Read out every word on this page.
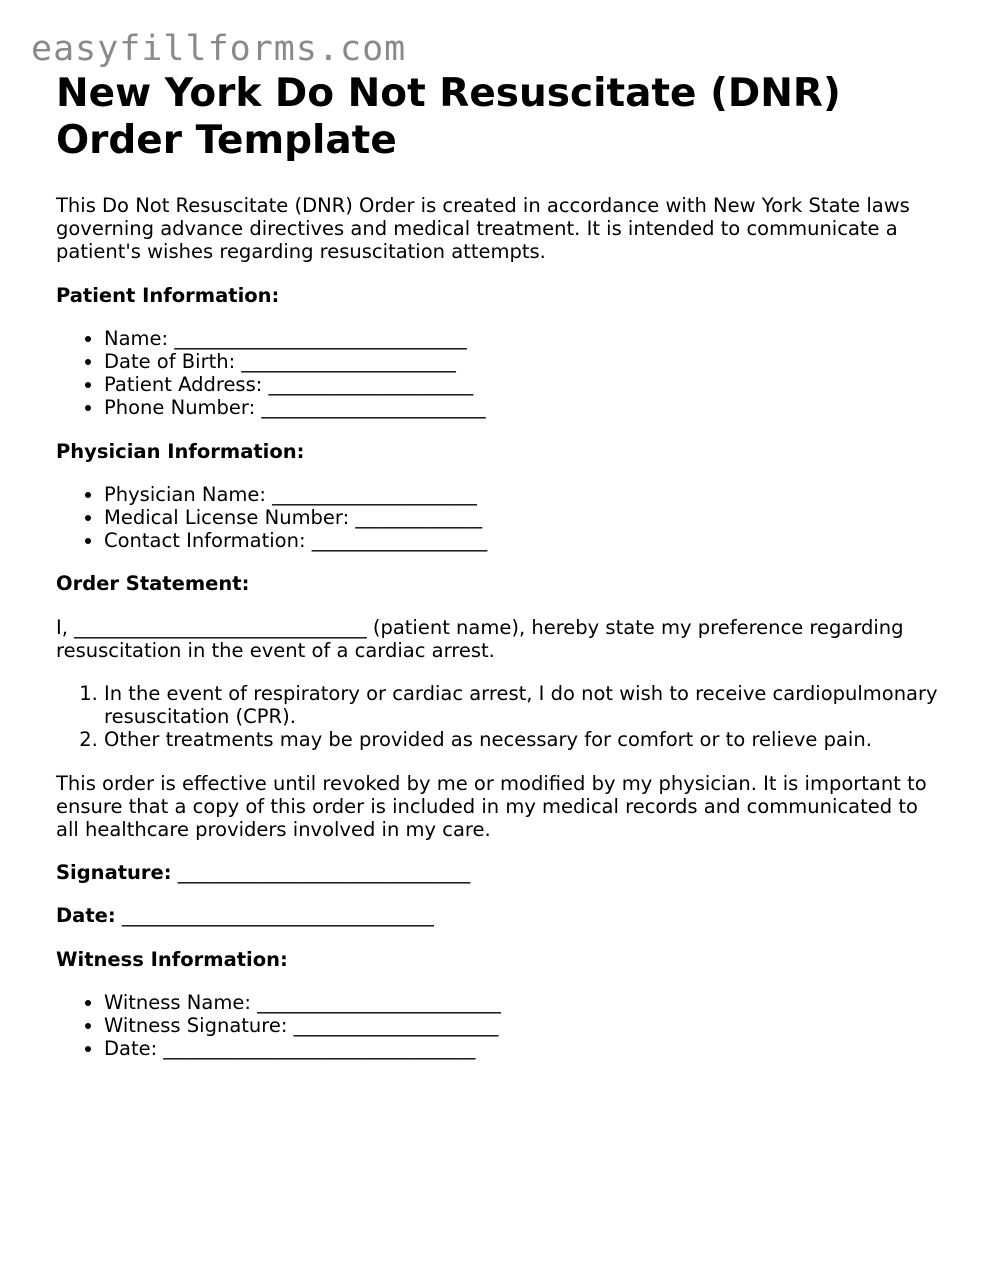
easyfillforms.com
New York Do Not Resuscitate (DNR) Order Template

This Do Not Resuscitate (DNR) Order is created in accordance with New York State laws governing advance directives and medical treatment. It is intended to communicate a patient's wishes regarding resuscitation attempts.

Patient Information:

• Name: ______________________________
• Date of Birth: ______________________
• Patient Address: _____________________
• Phone Number: _______________________

Physician Information:

• Physician Name: _____________________
• Medical License Number: _____________
• Contact Information: __________________

Order Statement:

I, ______________________________ (patient name), hereby state my preference regarding resuscitation in the event of a cardiac arrest.

1. In the event of respiratory or cardiac arrest, I do not wish to receive cardiopulmonary resuscitation (CPR).
2. Other treatments may be provided as necessary for comfort or to relieve pain.

This order is effective until revoked by me or modified by my physician. It is important to ensure that a copy of this order is included in my medical records and communicated to all healthcare providers involved in my care.

Signature: ______________________________

Date: ________________________________

Witness Information:

• Witness Name: _________________________
• Witness Signature: _____________________
• Date: ________________________________
